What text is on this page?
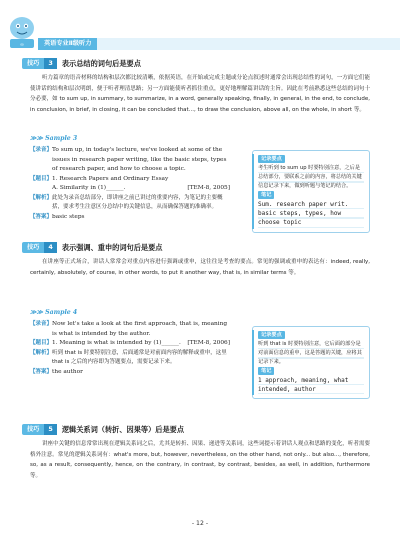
∞	英语专业Ⅱ级听力
技巧	3	表示总结的词句后是要点
听力篇章的语音材料的结构和层次都比较清晰，依据英语，在开始或完成主题或分论点叙述时通常会出现总结性的词句，一方面它们能使讲话的结构和层次明朗，便于听者理清思路；另一方面能使听者抓住重点，更好地理解篇讲话的主旨。因此在考前熟悉这些总结的词句十分必要，如 to sum up, in summary, to summarize, in a word, generally speaking, finally, in general, in the end, to conclude, in conclusion, in brief, in closing, it can be concluded that..., to draw the conclusion, above all, on the whole, in short 等。
≫≫ Sample 3
【录音】 To sum up, in today's lecture, we've looked at some of the issues in research paper writing, like the basic steps, types of research paper, and how to choose a topic.
【题目】 1. Research Papers and Ordinary Essay
A. Similarity in (1)______.	[TEM-8, 2005]
【解析】 此处为录音总结部分，即讲座之前已讲过的重要内容，为笔记的主要概括，要求考生注意区分总结中的关键信息，从而确保答题的准确率。
【答案】 basic steps
记录要点
考生听到 to sum up 时要特别注意，之后是总结部分，要联系之前的内容，将总结的关键信息记录下来，做到听题与笔记的结合。
笔记
Sum. research paper writ. basic steps, types, how choose topic
技巧	4	表示强调、重申的词句后是要点
在讲座等正式场合，讲话人常常会对重点内容进行强调或重申，这往往是考查的要点。常见的强调或重申的表达有：indeed, really, certainly, absolutely, of course, in other words, to put it another way, that is, in similar terms 等。
≫≫ Sample 4
【录音】 Now let's take a look at the first approach, that is, meaning is what is intended by the author.
【题目】 1. Meaning is what is intended by (1)______. [TEM-8, 2006]
【解析】 听到 that is 时要特别注意，后面通常是对前面内容的解释或重申，这里 that is 之后的内容即为答题要点，需要记录下来。
【答案】 the author
记录要点
听到 that is 时要特别注意，它后面的部分是对前面信息的重申，这是答题的关键，应将其记录下来。
笔记
1 approach, meaning, what intended, author
技巧	5	逻辑关系词（转折、因果等）后是要点
讲座中关键的信息常常出现在逻辑关系词之后，尤其是转折、因果、递进等关系词，这些词提示着讲话人观点和思路的变化，听者需要格外注意。常见的逻辑关系词有：what's more, but, however, nevertheless, on the other hand, not only... but also..., therefore, so, as a result, consequently, hence, on the contrary, in contrast, by contrast, besides, as well, in addition, furthermore 等。
- 12 -
